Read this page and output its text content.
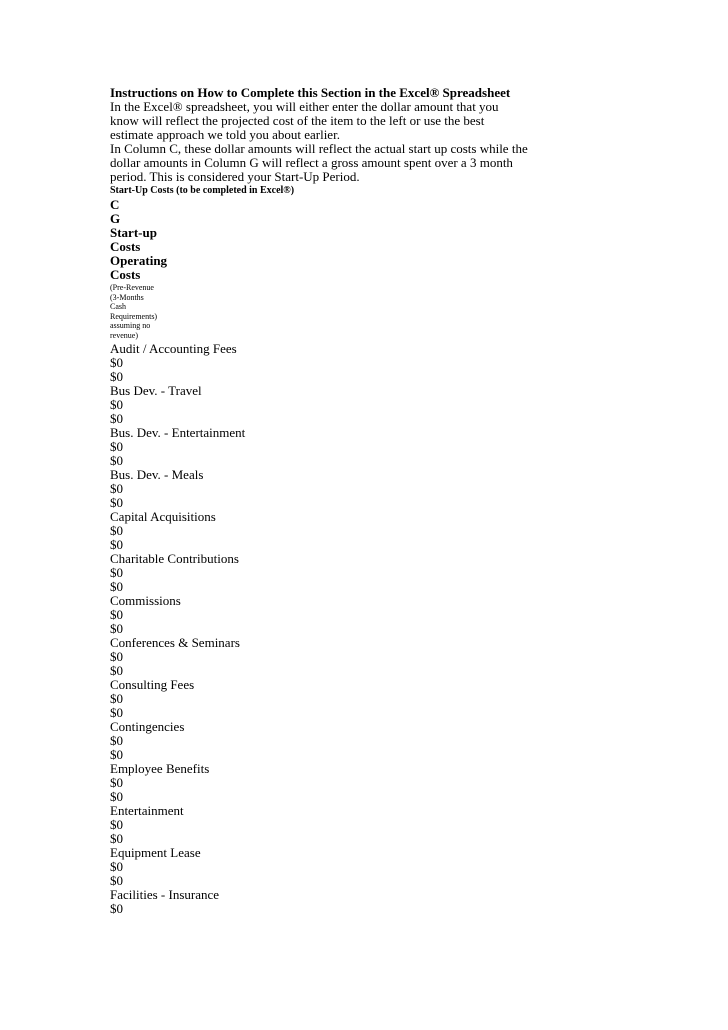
Instructions on How to Complete this Section in the Excel® Spreadsheet

In the Excel® spreadsheet, you will either enter the dollar amount that you know will reflect the projected cost of the item to the left or use the best estimate approach we told you about earlier.

In Column C, these dollar amounts will reflect the actual start up costs while the dollar amounts in Column G will reflect a gross amount spent over a 3 month period. This is considered your Start-Up Period.

Start-Up Costs (to be completed in Excel®)

C

G

Start-up

Costs

Operating

Costs

(Pre-Revenue
(3-Months
Cash
Requirements)
assuming no
revenue)
Audit / Accounting Fees
$0
$0
Bus Dev. - Travel
$0
$0
Bus. Dev. - Entertainment
$0
$0
Bus. Dev. - Meals
$0
$0
Capital Acquisitions
$0
$0
Charitable Contributions
$0
$0
Commissions
$0
$0
Conferences & Seminars
$0
$0
Consulting Fees
$0
$0
Contingencies
$0
$0
Employee Benefits
$0
$0
Entertainment
$0
$0
Equipment Lease
$0
$0
Facilities - Insurance
$0
